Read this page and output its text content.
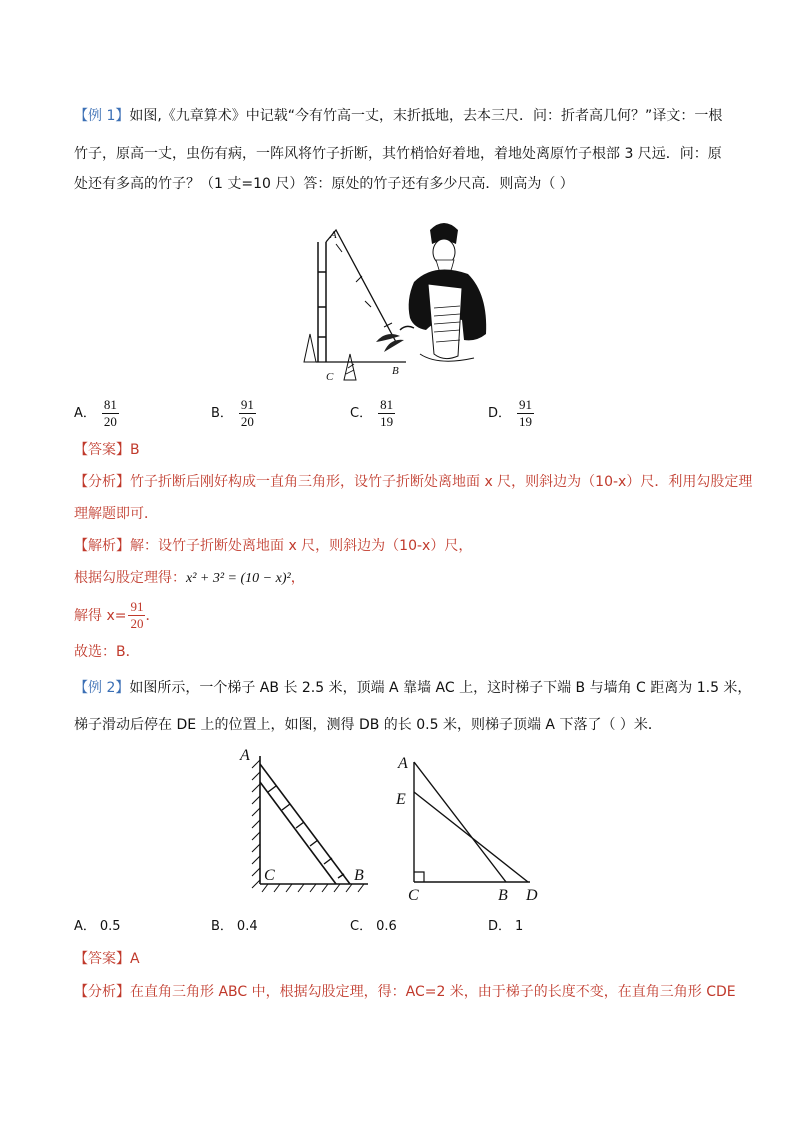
【例 1】如图,《九章算术》中记载“今有竹高一丈，末折抵地，去本三尺．问：折者高几何？”译文：一根
竹子，原高一丈，虫伤有病，一阵风将竹子折断，其竹梢恰好着地，着地处离原竹子根部 3 尺远．问：原
处还有多高的竹子？（1 丈=10 尺）答：原处的竹子还有多少尺高．则高为（ ）
A
C	B
A． $\frac{81}{20}$	B． $\frac{91}{20}$	C． $\frac{81}{19}$	D． $\frac{91}{19}$
【答案】B
【分析】竹子折断后刚好构成一直角三角形，设竹子折断处离地面 x 尺，则斜边为（10-x）尺．利用勾股定理
理解题即可．
【解析】解：设竹子折断处离地面 x 尺，则斜边为（10-x）尺，
根据勾股定理得：x² + 3² = (10 − x)²，
解得 $x= \frac{91}{20}$ ．
故选：B．
【例 2】如图所示，一个梯子 AB 长 2.5 米，顶端 A 靠墙 AC 上，这时梯子下端 B 与墙角 C 距离为 1.5 米，
梯子滑动后停在 DE 上的位置上，如图，测得 DB 的长 0.5 米，则梯子顶端 A 下落了（ ）米．
A
C	B
A
E
C	B D
A． 0.5	B． 0.4	C． 0.6	D． 1
【答案】A
【分析】在直角三角形 ABC 中，根据勾股定理，得：AC=2 米，由于梯子的长度不变，在直角三角形 CDE
